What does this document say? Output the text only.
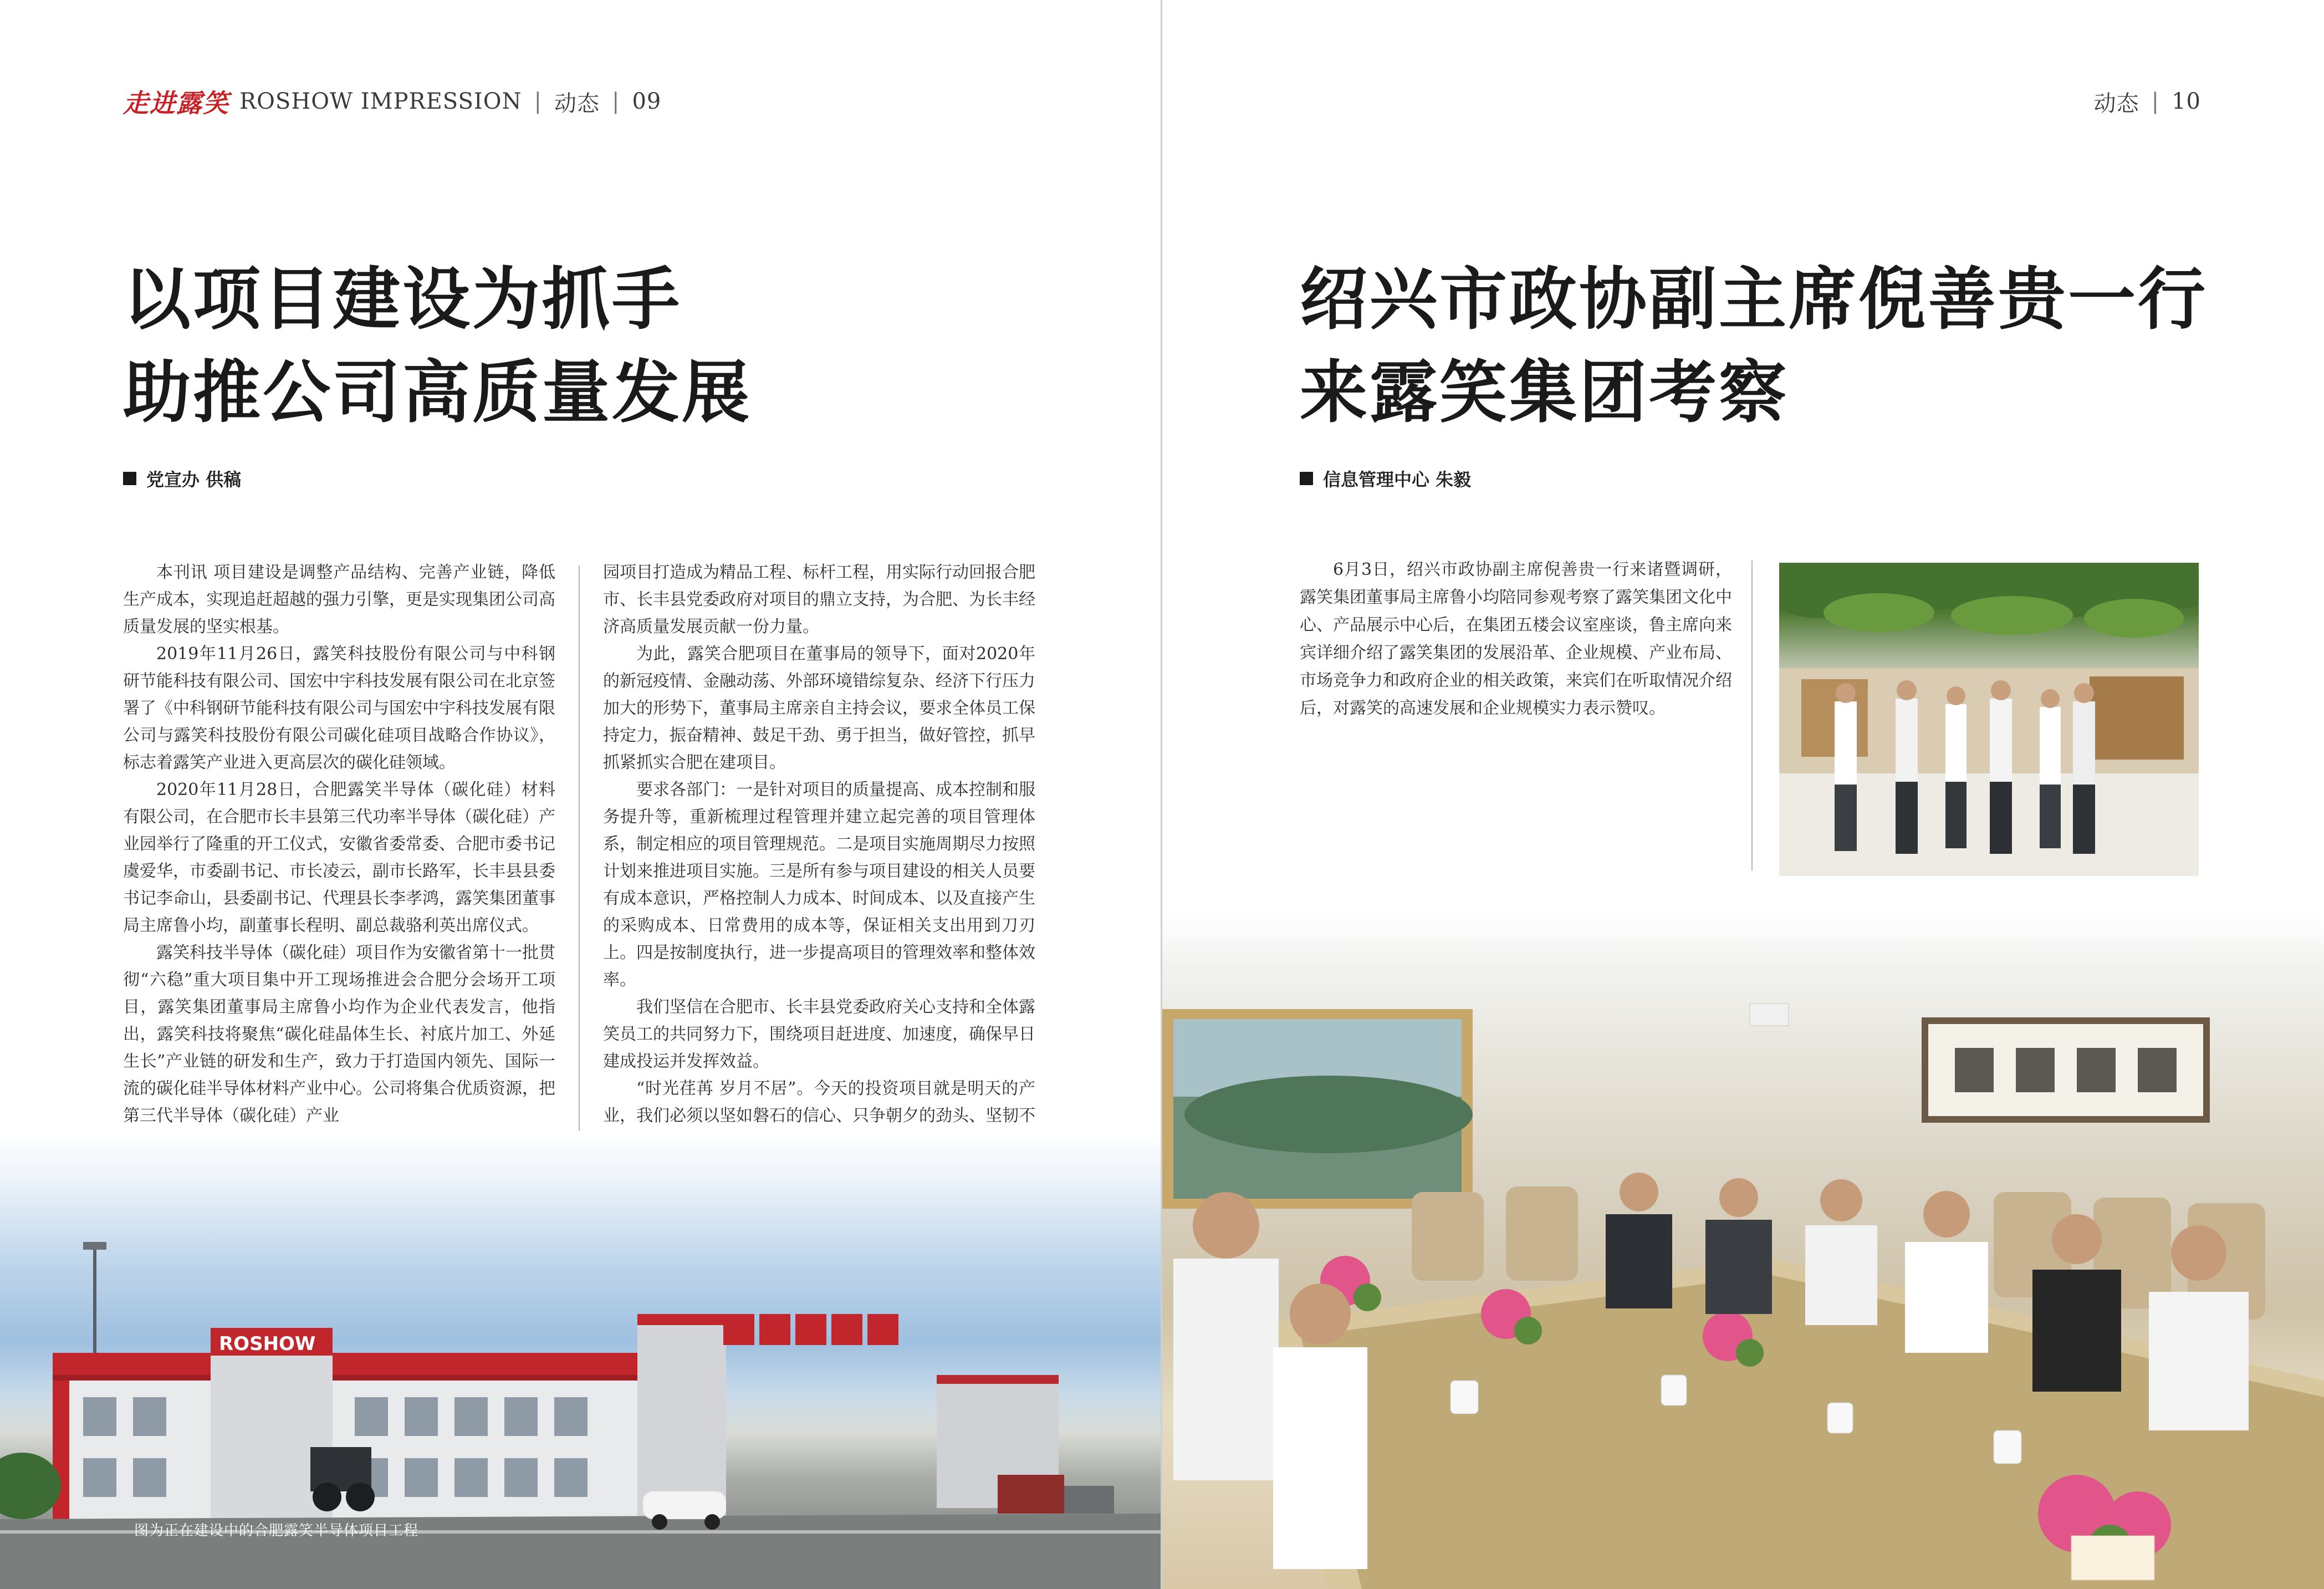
走进露笑 ROSHOW IMPRESSION | 动态 | 09
以项目建设为抓手
助推公司高质量发展
党宣办 供稿

本刊讯 项目建设是调整产品结构、完善产业链，降低生产成本，实现追赶超越的强力引擎，更是实现集团公司高质量发展的坚实根基。

2019年11月26日，露笑科技股份有限公司与中科钢研节能科技有限公司、国宏中宇科技发展有限公司在北京签署了《中科钢研节能科技有限公司与国宏中宇科技发展有限公司与露笑科技股份有限公司碳化硅项目战略合作协议》，标志着露笑产业进入更高层次的碳化硅领域。

2020年11月28日，合肥露笑半导体（碳化硅）材料有限公司，在合肥市长丰县第三代功率半导体（碳化硅）产业园举行了隆重的开工仪式，安徽省委常委、合肥市委书记虞爱华，市委副书记、市长凌云，副市长路军，长丰县县委书记李命山，县委副书记、代理县长李孝鸿，露笑集团董事局主席鲁小均，副董事长程明、副总裁骆利英出席仪式。

露笑科技半导体（碳化硅）项目作为安徽省第十一批贯彻“六稳”重大项目集中开工现场推进会合肥分会场开工项目，露笑集团董事局主席鲁小均作为企业代表发言，他指出，露笑科技将聚焦“碳化硅晶体生长、衬底片加工、外延生长”产业链的研发和生产，致力于打造国内领先、国际一流的碳化硅半导体材料产业中心。公司将集合优质资源，把第三代半导体（碳化硅）产业

园项目打造成为精品工程、标杆工程，用实际行动回报合肥市、长丰县党委政府对项目的鼎立支持，为合肥、为长丰经济高质量发展贡献一份力量。

为此，露笑合肥项目在董事局的领导下，面对2020年的新冠疫情、金融动荡、外部环境错综复杂、经济下行压力加大的形势下，董事局主席亲自主持会议，要求全体员工保持定力，振奋精神、鼓足干劲、勇于担当，做好管控，抓早抓紧抓实合肥在建项目。

要求各部门：一是针对项目的质量提高、成本控制和服务提升等，重新梳理过程管理并建立起完善的项目管理体系，制定相应的项目管理规范。二是项目实施周期尽力按照计划来推进项目实施。三是所有参与项目建设的相关人员要有成本意识，严格控制人力成本、时间成本、以及直接产生的采购成本、日常费用的成本等，保证相关支出用到刀刃上。四是按制度执行，进一步提高项目的管理效率和整体效率。

我们坚信在合肥市、长丰县党委政府关心支持和全体露笑员工的共同努力下，围绕项目赶进度、加速度，确保早日建成投运并发挥效益。

“时光荏苒 岁月不居”。今天的投资项目就是明天的产业，我们必须以坚如磐石的信心、只争朝夕的劲头、坚韧不

ROSHOW
图为正在建设中的合肥露笑半导体项目工程
动态 | 10
绍兴市政协副主席倪善贵一行
来露笑集团考察
信息管理中心 朱毅

6月3日，绍兴市政协副主席倪善贵一行来诸暨调研，露笑集团董事局主席鲁小均陪同参观考察了露笑集团文化中心、产品展示中心后，在集团五楼会议室座谈，鲁主席向来宾详细介绍了露笑集团的发展沿革、企业规模、产业布局、市场竞争力和政府企业的相关政策，来宾们在听取情况介绍后，对露笑的高速发展和企业规模实力表示赞叹。
